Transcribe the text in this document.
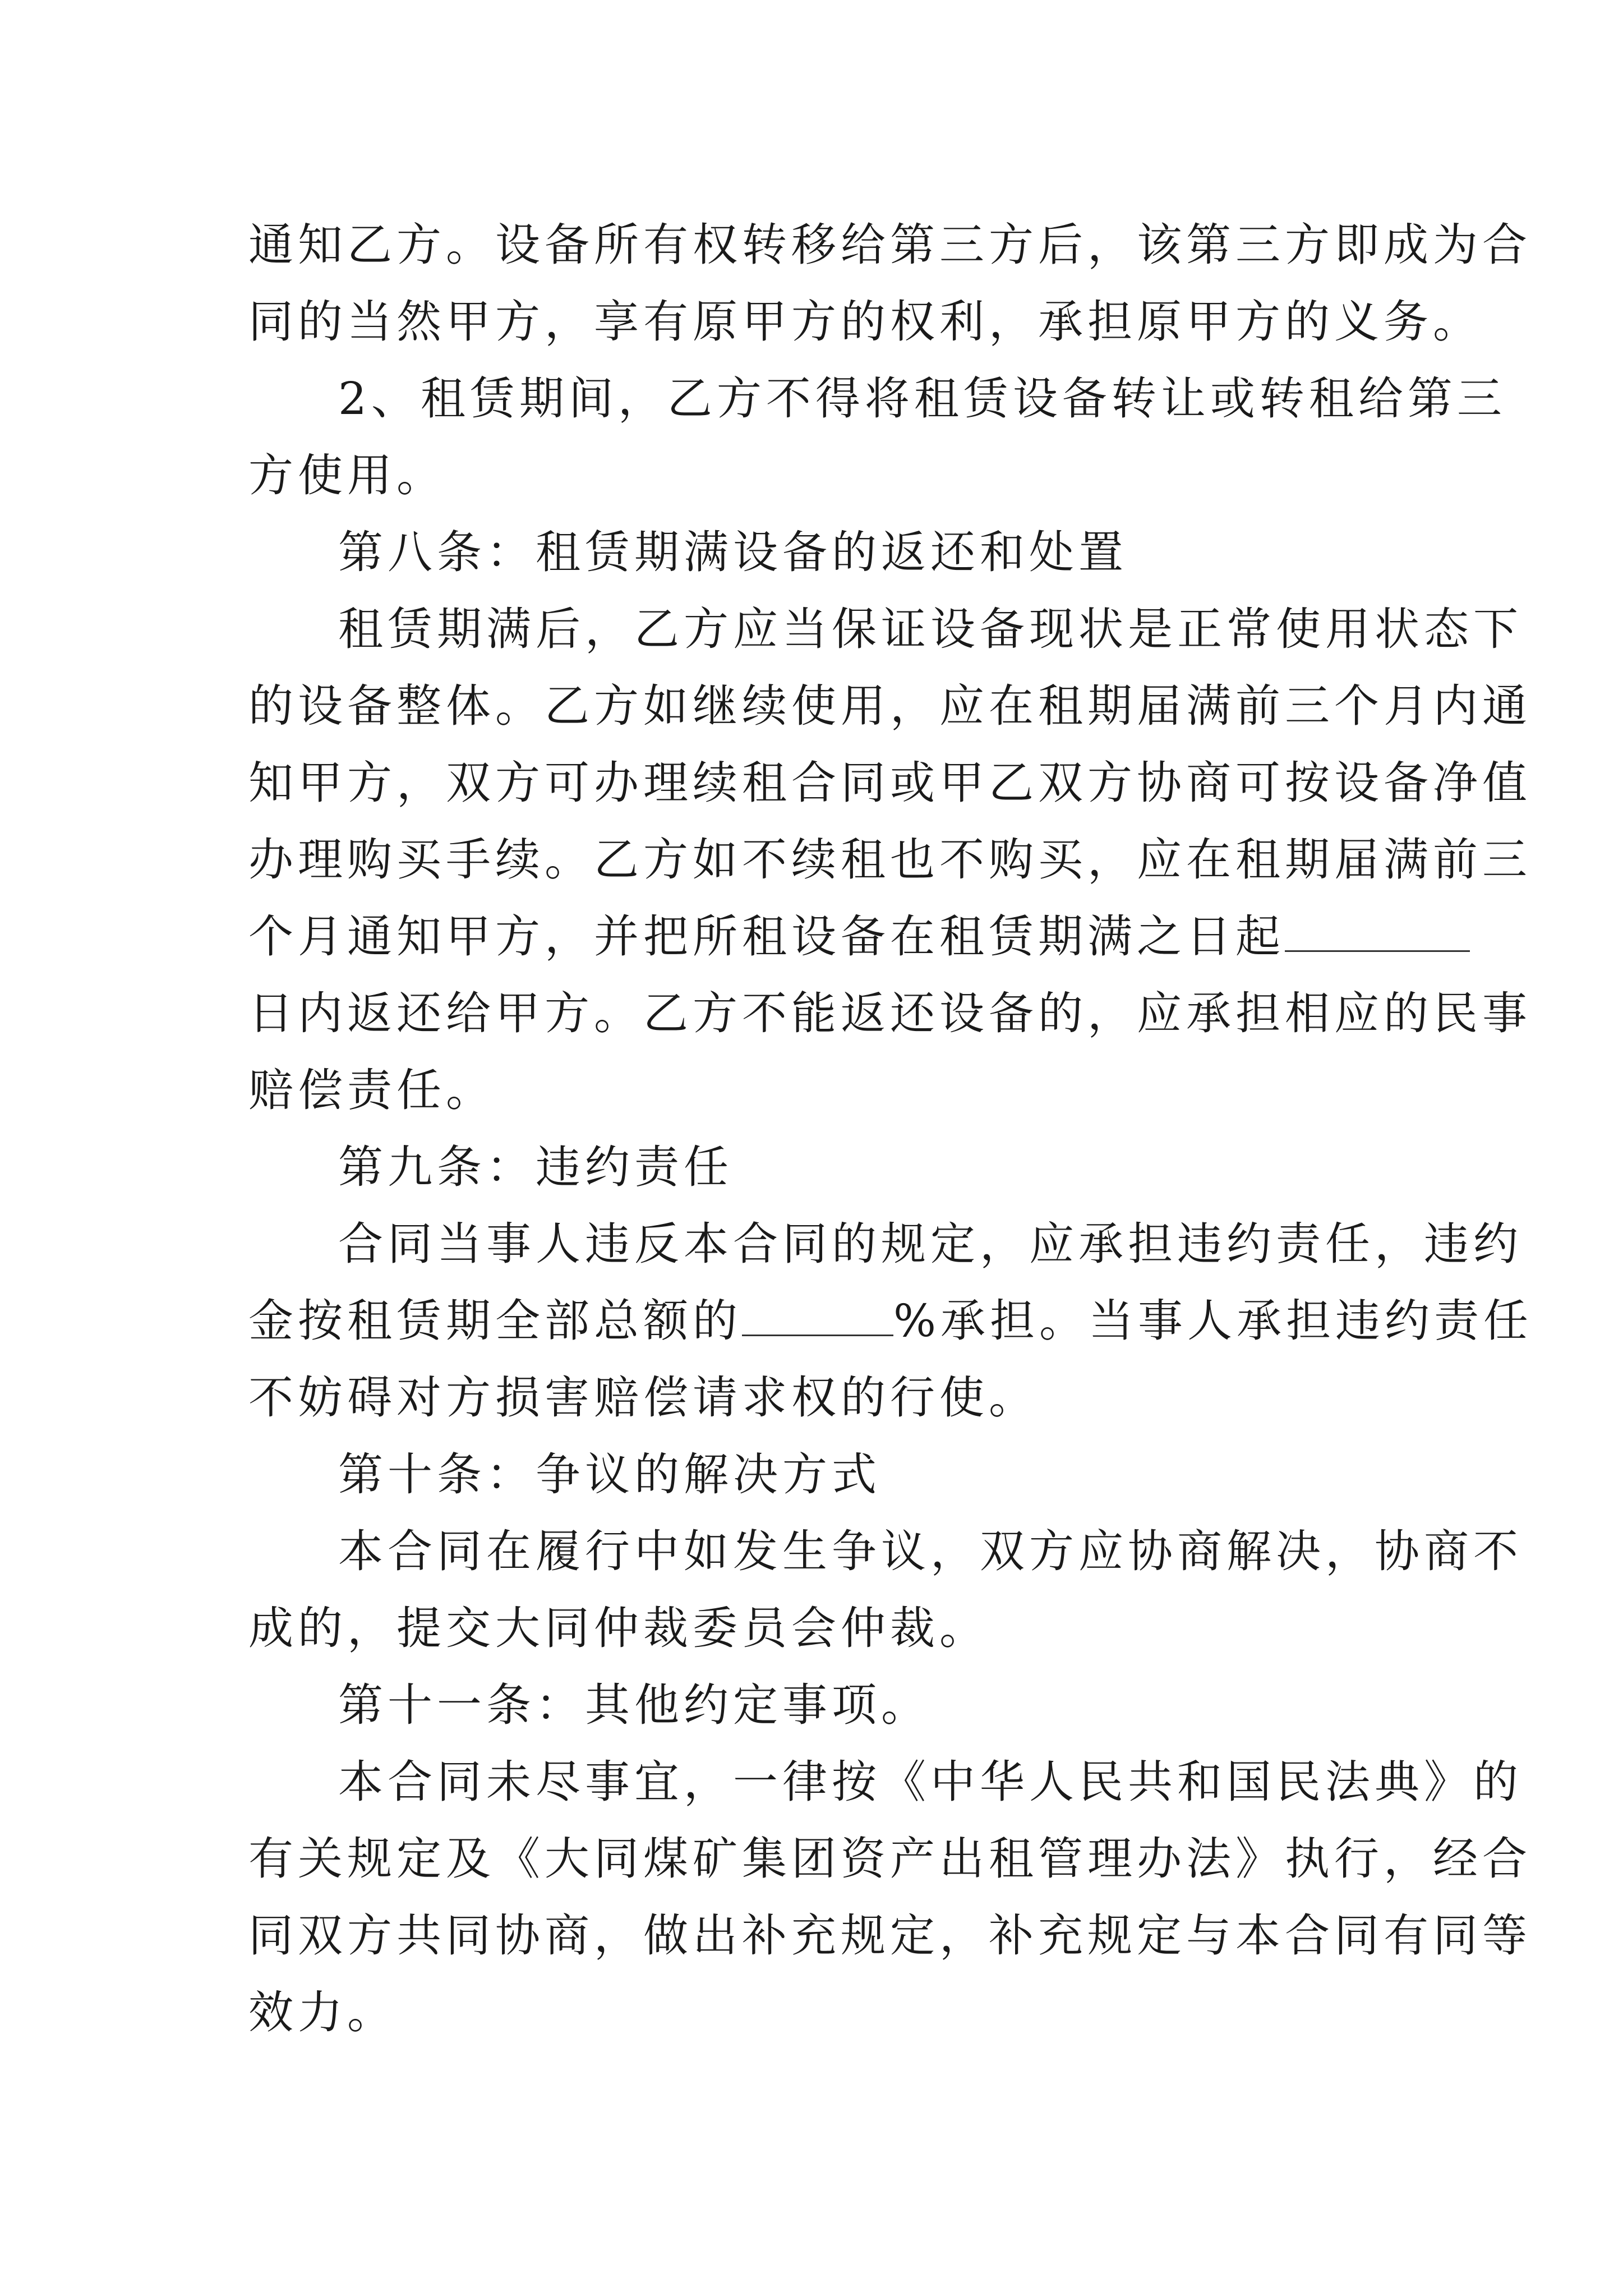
通知乙方。设备所有权转移给第三方后，该第三方即成为合
同的当然甲方，享有原甲方的权利，承担原甲方的义务。
2、租赁期间，乙方不得将租赁设备转让或转租给第三
方使用。
第八条：租赁期满设备的返还和处置
租赁期满后，乙方应当保证设备现状是正常使用状态下
的设备整体。乙方如继续使用，应在租期届满前三个月内通
知甲方，双方可办理续租合同或甲乙双方协商可按设备净值
办理购买手续。乙方如不续租也不购买，应在租期届满前三
个月通知甲方，并把所租设备在租赁期满之日起
日内返还给甲方。乙方不能返还设备的，应承担相应的民事
赔偿责任。
第九条：违约责任
合同当事人违反本合同的规定，应承担违约责任，违约
金按租赁期全部总额的	%承担。当事人承担违约责任
不妨碍对方损害赔偿请求权的行使。
第十条：争议的解决方式
本合同在履行中如发生争议，双方应协商解决，协商不
成的，提交大同仲裁委员会仲裁。
第十一条：其他约定事项。
本合同未尽事宜，一律按《中华人民共和国民法典》的
有关规定及《大同煤矿集团资产出租管理办法》执行，经合
同双方共同协商，做出补充规定，补充规定与本合同有同等
效力。
